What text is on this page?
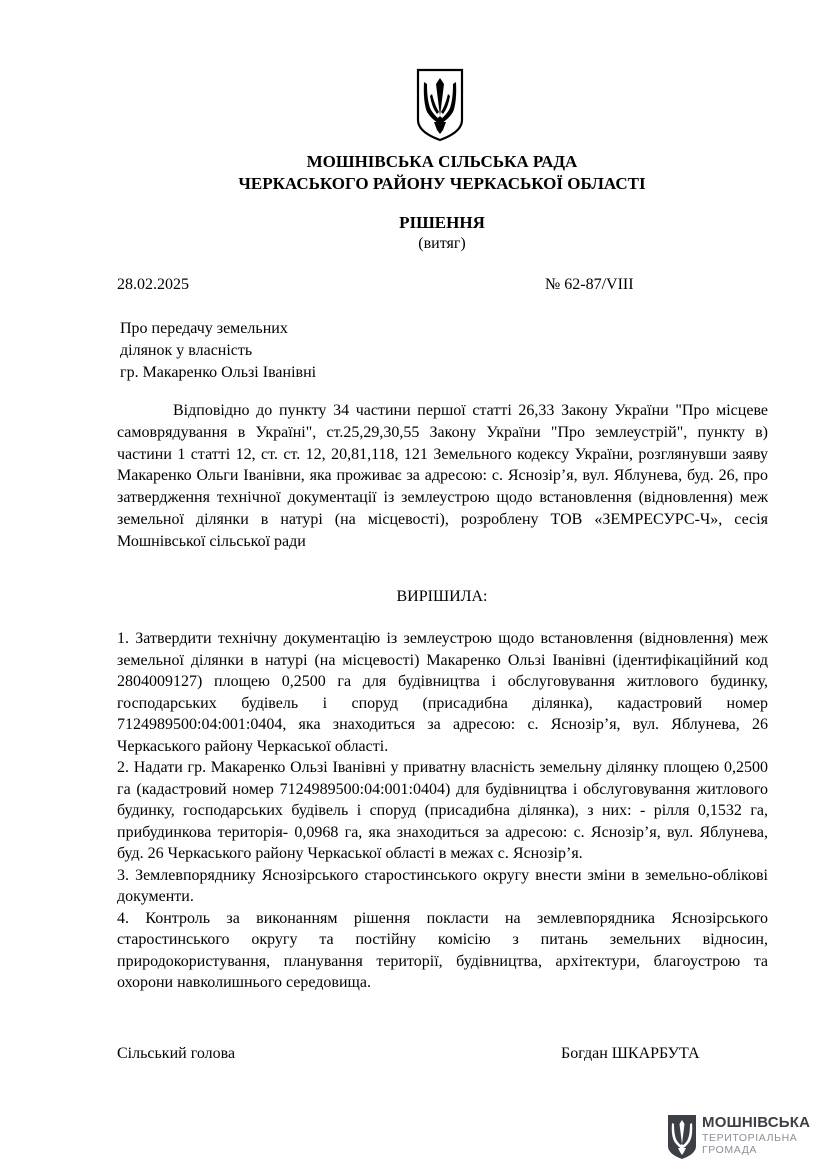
МОШНІВСЬКА СІЛЬСЬКА РАДА
ЧЕРКАСЬКОГО РАЙОНУ ЧЕРКАСЬКОЇ ОБЛАСТІ
РІШЕННЯ
(витяг)
28.02.2025	№ 62-87/VIII
Про передачу земельних
ділянок у власність
гр. Макаренко Ользі Іванівні

Відповідно до пункту 34 частини першої статті 26,33 Закону України "Про місцеве самоврядування в Україні", ст.25,29,30,55 Закону України "Про землеустрій", пункту в) частини 1 статті 12, ст. ст. 12, 20,81,118, 121 Земельного кодексу України, розглянувши заяву Макаренко Ольги Іванівни, яка проживає за адресою: с. Яснозір’я, вул. Яблунева, буд. 26, про затвердження технічної документації із землеустрою щодо встановлення (відновлення) меж земельної ділянки в натурі (на місцевості), розроблену ТОВ «ЗЕМРЕСУРС-Ч», сесія Мошнівської сільської ради

ВИРІШИЛА:

1. Затвердити технічну документацію із землеустрою щодо встановлення (відновлення) меж земельної ділянки в натурі (на місцевості) Макаренко Ользі Іванівні (ідентифікаційний код 2804009127) площею 0,2500 га для будівництва і обслуговування житлового будинку, господарських будівель і споруд (присадибна ділянка), кадастровий номер 7124989500:04:001:0404, яка знаходиться за адресою: с. Яснозір’я, вул. Яблунева, 26 Черкаського району Черкаської області.

2. Надати гр. Макаренко Ользі Іванівні у приватну власність земельну ділянку площею 0,2500 га (кадастровий номер 7124989500:04:001:0404) для будівництва і обслуговування житлового будинку, господарських будівель і споруд (присадибна ділянка), з них: - рілля 0,1532 га, прибудинкова територія- 0,0968 га, яка знаходиться за адресою: с. Яснозір’я, вул. Яблунева, буд. 26 Черкаського району Черкаської області в межах с. Яснозір’я.

3. Землевпоряднику Яснозірського старостинського округу внести зміни в земельно-облікові документи.

4. Контроль за виконанням рішення покласти на землевпорядника Яснозірського старостинського округу та постійну комісію з питань земельних відносин, природокористування, планування території, будівництва, архітектури, благоустрою та охорони навколишнього середовища.

Сільський голова	Богдан ШКАРБУТА
МОШНІВСЬКА
ТЕРИТОРІАЛЬНА
ГРОМАДА
